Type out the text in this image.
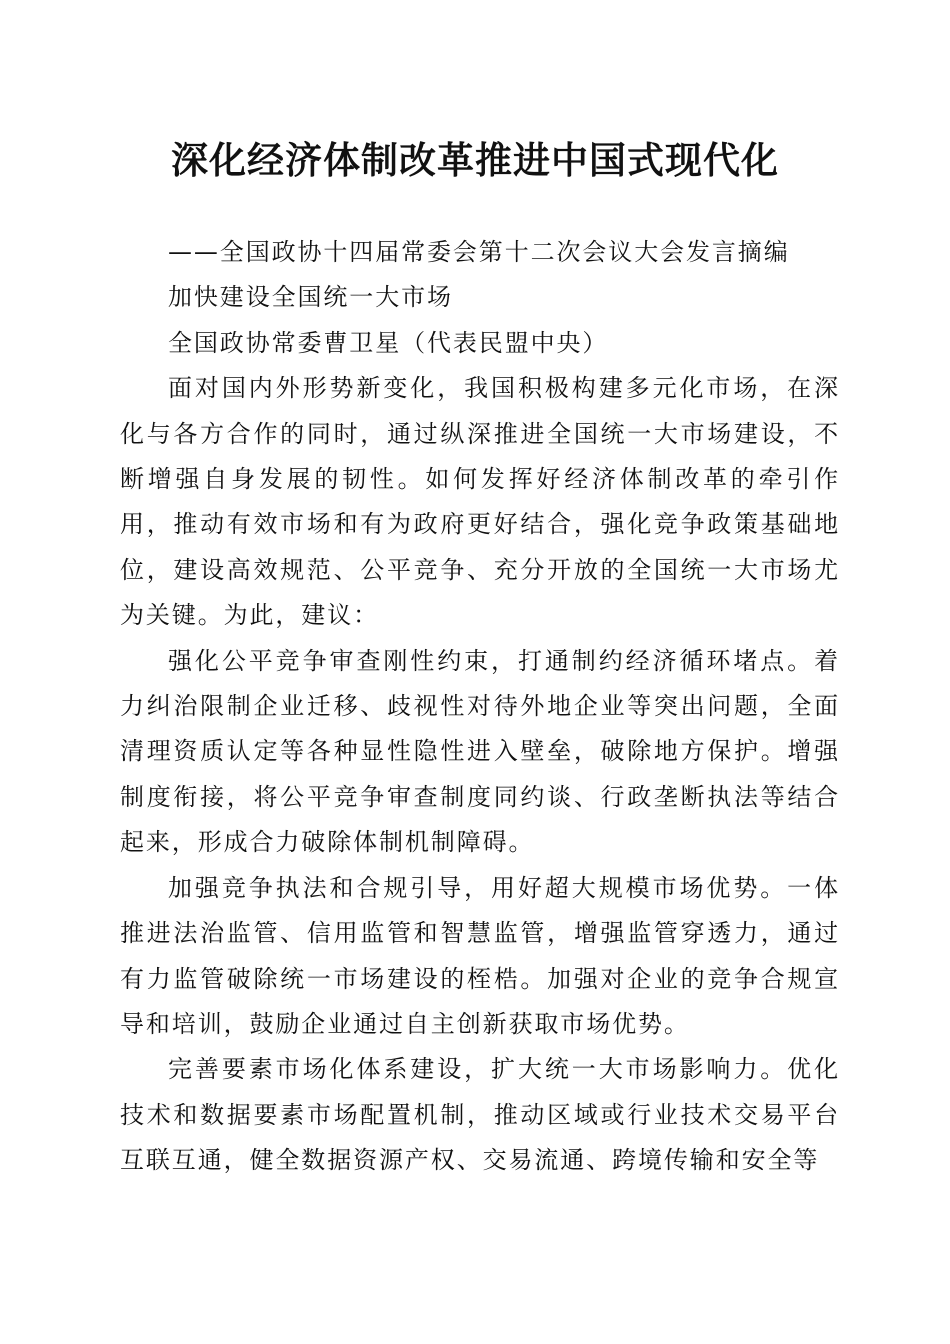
深化经济体制改革推进中国式现代化

——全国政协十四届常委会第十二次会议大会发言摘编

加快建设全国统一大市场

全国政协常委曹卫星（代表民盟中央）

面对国内外形势新变化，我国积极构建多元化市场，在深化与各方合作的同时，通过纵深推进全国统一大市场建设，不断增强自身发展的韧性。如何发挥好经济体制改革的牵引作用，推动有效市场和有为政府更好结合，强化竞争政策基础地位，建设高效规范、公平竞争、充分开放的全国统一大市场尤为关键。为此，建议：

强化公平竞争审查刚性约束，打通制约经济循环堵点。着力纠治限制企业迁移、歧视性对待外地企业等突出问题，全面清理资质认定等各种显性隐性进入壁垒，破除地方保护。增强制度衔接，将公平竞争审查制度同约谈、行政垄断执法等结合起来，形成合力破除体制机制障碍。

加强竞争执法和合规引导，用好超大规模市场优势。一体推进法治监管、信用监管和智慧监管，增强监管穿透力，通过有力监管破除统一市场建设的桎梏。加强对企业的竞争合规宣导和培训，鼓励企业通过自主创新获取市场优势。

完善要素市场化体系建设，扩大统一大市场影响力。优化技术和数据要素市场配置机制，推动区域或行业技术交易平台互联互通，健全数据资源产权、交易流通、跨境传输和安全等
